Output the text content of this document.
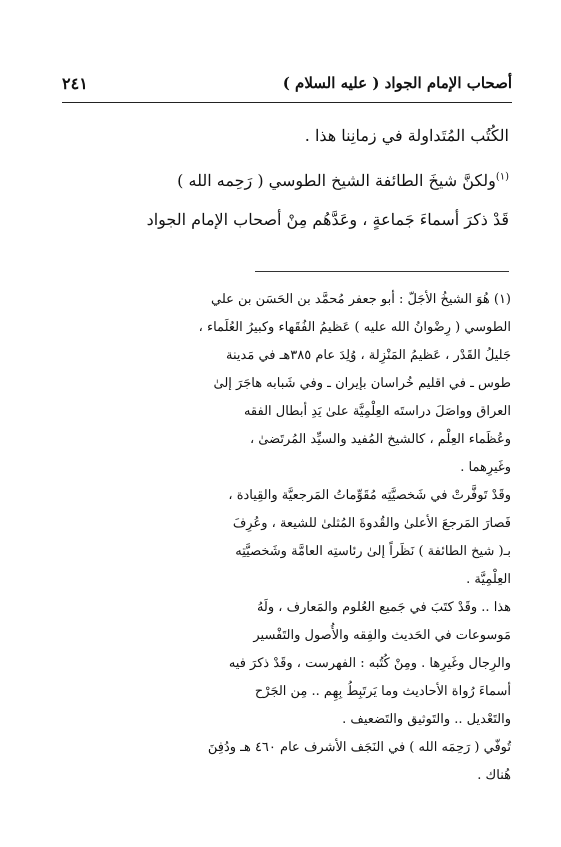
أصحاب الإمام الجواد ( عليه السلام )
٢٤١
الكُتُب المُتَداولة في زمانِنا هذا .
$^{(١)}$ولكنَّ شيخَ الطائفة الشيخ الطوسي ( رَحِمه الله )
قَدْ ذكرَ أسماءَ جَماعةٍ ، وعَدَّهُم مِنْ أصحاب الإمام الجواد
(١) هُوَ الشيخُ الأجَلّ : أبو جعفر مُحمَّد بن الحَسَن بن علي
الطوسي ( رِضْوانُ الله عليه ) عَظيمُ الفُقَهاء وكبيرُ العُلَماء ،
جَليلُ القَدْر ، عَظيمُ المَنْزِلة ، وُلِدَ عام ٣٨٥هـ في مَدينة
طوس ـ في اقليم خُراسان بإيران ـ وفي شَبابه هاجَرَ إلىٰ
العراق وواصَلَ دراستَه العِلْمِيَّة علىٰ يَدِ أبطال الفقه
وعُظَماء العِلْم ، كالشيخ المُفيد والسيِّد المُرتَضىٰ ،
وغَيرِهما .
وقَدْ تَوفَّرتْ في شَخصيَّتِه مُقَوِّماتُ المَرجعيَّة والقِيادة ،
فَصارَ المَرجعَ الأعلىٰ والقُدوةَ المُثلىٰ للشيعة ، وعُرِفَ
بـ( شيخ الطائفة ) نَظَراً إلىٰ رئاستِه العامَّة وشَخصيَّتِه
العِلْمِيَّة .
هذا .. وقَدْ كتَبَ في جَميع العُلوم والمَعارف ، ولَهُ
مَوسوعات في الحَديث والفِقه والأُصول والتَفْسير
والرِجال وغَيرِها . ومِنْ كُتُبه : الفهرست ، وقَدْ ذكرَ فيه
أسماءَ رُواة الأحاديث وما يَرتَبِطُ بِهِم .. مِن الجَرْح
والتَعْديل .. والتَوثيق والتَضعيف .
تُوفّي ( رَحِمَه الله ) في النَجَف الأشرف عام ٤٦٠ هـ ودُفِنَ
هُناك .
